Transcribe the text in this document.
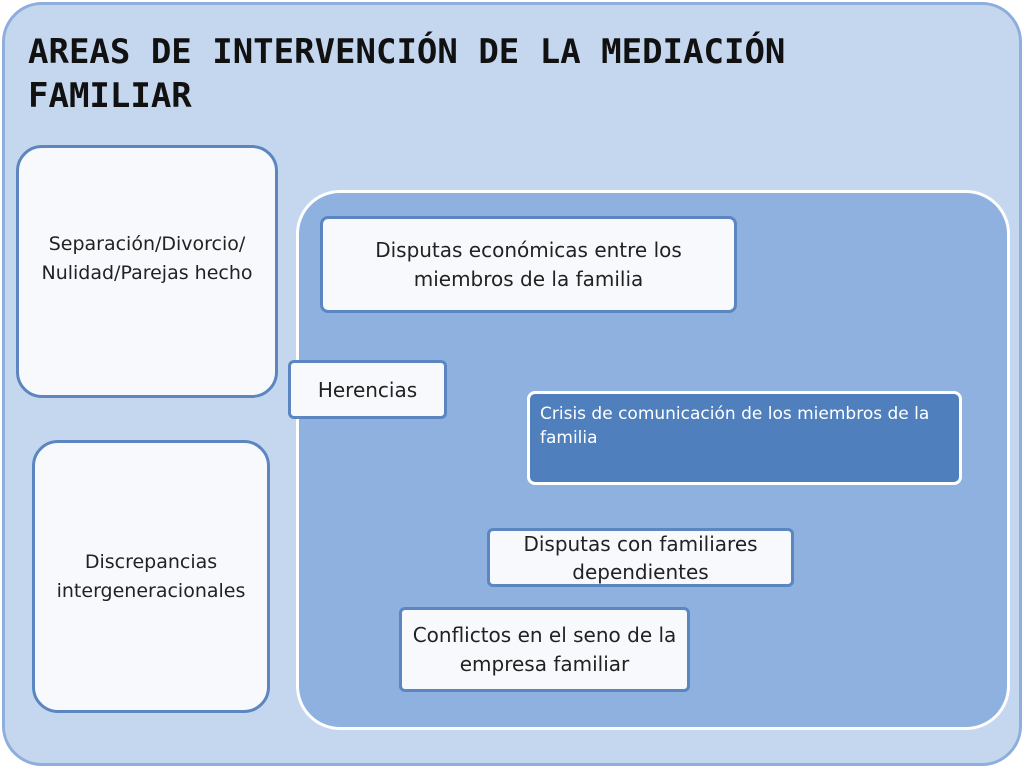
AREAS DE INTERVENCIÓN DE LA MEDIACIÓN FAMILIAR
Separación/Divorcio/ Nulidad/Parejas hecho
Discrepancias intergeneracionales
Disputas económicas entre los miembros de la familia
Herencias
Crisis de comunicación de los miembros de la familia
Disputas con familiares dependientes
Conflictos en el seno de la empresa familiar
